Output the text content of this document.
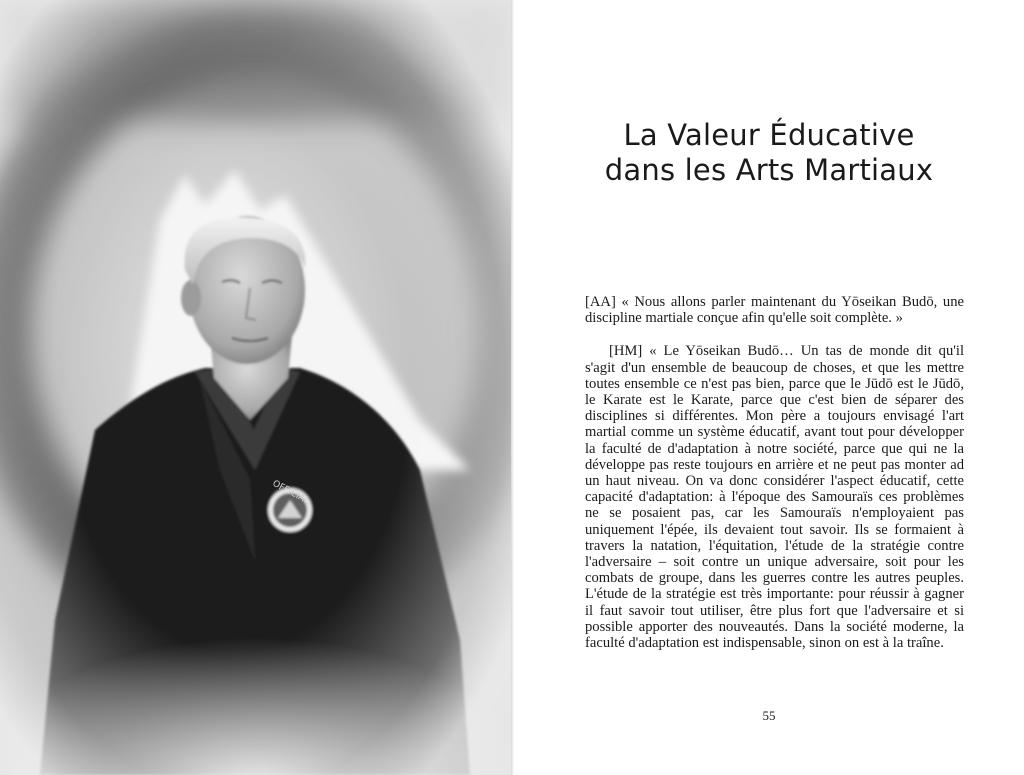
La Valeur Éducative
dans les Arts Martiaux

[AA] « Nous allons parler maintenant du Yōseikan Budō, une discipline martiale conçue afin qu'elle soit complète. »

[HM] « Le Yōseikan Budō… Un tas de monde dit qu'il s'agit d'un ensemble de beaucoup de choses, et que les mettre toutes ensemble ce n'est pas bien, parce que le Jūdō est le Jūdō, le Karate est le Karate, parce que c'est bien de séparer des disciplines si différentes. Mon père a toujours envisagé l'art martial comme un système éducatif, avant tout pour développer la faculté de d'adaptation à notre société, parce que qui ne la développe pas reste toujours en arrière et ne peut pas monter ad un haut niveau. On va donc considérer l'aspect éducatif, cette capacité d'adaptation: à l'époque des Samouraïs ces problèmes ne se posaient pas, car les Samouraïs n'employaient pas uniquement l'épée, ils devaient tout savoir. Ils se formaient à travers la natation, l'équitation, l'étude de la stratégie contre l'adversaire – soit contre un unique adversaire, soit pour les combats de groupe, dans les guerres contre les autres peuples. L'étude de la stratégie est très importante: pour réussir à gagner il faut savoir tout utiliser, être plus fort que l'adversaire et si possible apporter des nouveautés. Dans la société moderne, la faculté d'adaptation est indispensable, sinon on est à la traîne.

55
